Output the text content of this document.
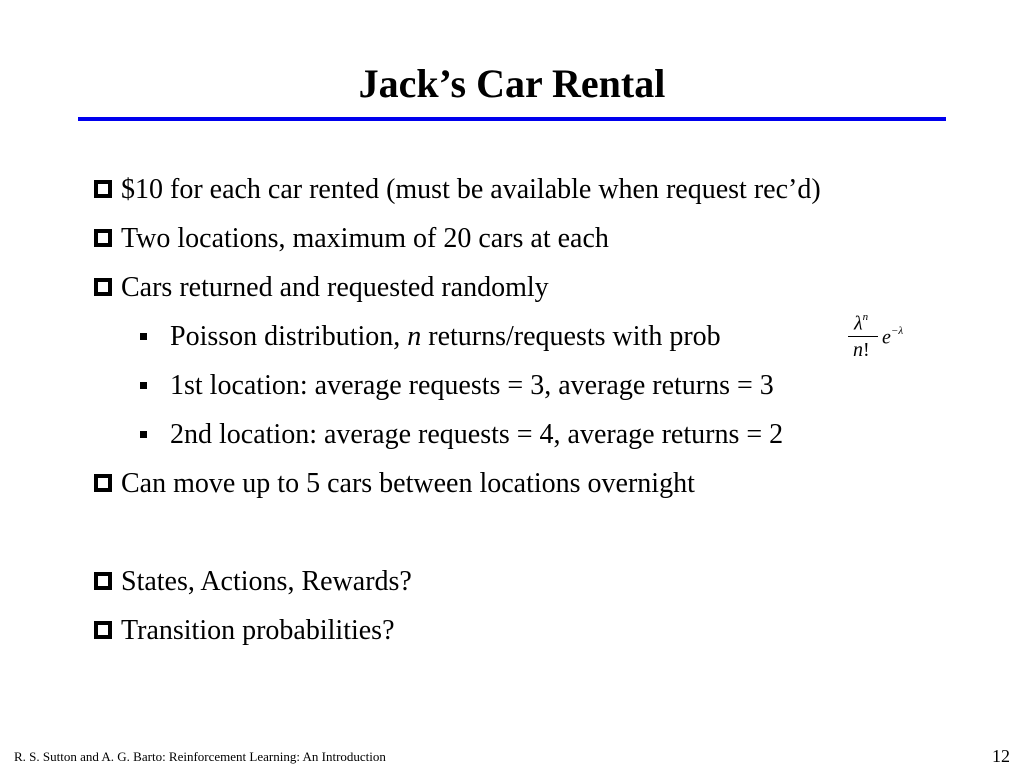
Jack’s Car Rental
$10 for each car rented (must be available when request rec’d)
Two locations, maximum of 20 cars at each
Cars returned and requested randomly
Poisson distribution, n returns/requests with prob	$\lambda^n$
n!
$e^{-\lambda}$
1st location: average requests = 3, average returns = 3
2nd location: average requests = 4, average returns = 2
Can move up to 5 cars between locations overnight
States, Actions, Rewards?
Transition probabilities?
R. S. Sutton and A. G. Barto: Reinforcement Learning: An Introduction	12
